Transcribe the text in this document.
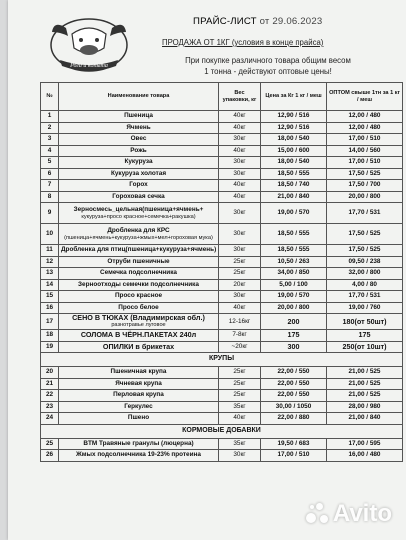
Рога и копыта
ПРАЙС-ЛИСТ от 29.06.2023
ПРОДАЖА ОТ 1КГ (условия в конце прайса)
При покупке различного товара общим весом
1 тонна - действуют оптовые цены!
№	Наименование товара	Вес упаковки, кг	Цена за Кг 1 кг / меш	ОПТОМ свыше 1тн за 1 кг / меш
1	Пшеница	40кг	12,90 / 516	12,00 / 480
2	Ячмень	40кг	12,90 / 516	12,00 / 480
3	Овес	30кг	18,00 / 540	17,00 / 510
4	Рожь	40кг	15,00 / 600	14,00 / 560
5	Кукуруза	30кг	18,00 / 540	17,00 / 510
6	Кукуруза холотая	30кг	18,50 / 555	17,50 / 525
7	Горох	40кг	18,50 / 740	17,50 / 700
8	Гороховая сечка	40кг	21,00 / 840	20,00 / 800
9	Зерносмесь_цельная(пшеница+ячмень+
кукуруза+просо красное+семечка+ракушка)	30кг	19,00 / 570	17,70 / 531
10	Дробленка для КРС
(пшеница+ячмень+кукуруза+жмых+мел+гороховая мука)	30кг	18,50 / 555	17,50 / 525
11	Дробленка для птиц(пшеница+кукуруза+ячмень)	30кг	18,50 / 555	17,50 / 525
12	Отруби пшеничные	25кг	10,50 / 263	09,50 / 238
13	Семечка подсолнечника	25кг	34,00 / 850	32,00 / 800
14	Зерноотходы семечки подсолнечника	20кг	5,00 / 100	4,00 / 80
15	Просо красное	30кг	19,00 / 570	17,70 / 531
16	Просо белое	40кг	20,00 / 800	19,00 / 760
17	СЕНО В ТЮКАХ (Владимирская обл.)
разнотравье луговое	12-16кг	200	180(от 50шт)
18	СОЛОМА В ЧЁРН.ПАКЕТАХ 240л	7-8кг	175	175
19	ОПИЛКИ в брикетах	~20кг	300	250(от 10шт)
КРУПЫ				
20	Пшеничная крупа	25кг	22,00 / 550	21,00 / 525
21	Ячневая крупа	25кг	22,00 / 550	21,00 / 525
22	Перловая крупа	25кг	22,00 / 550	21,00 / 525
23	Геркулес	35кг	30,00 / 1050	28,00 / 980
24	Пшено	40кг	22,00 / 880	21,00 / 840
КОРМОВЫЕ ДОБАВКИ				
25	BTM Травяные гранулы (люцерна)	35кг	19,50 / 683	17,00 / 595
26	Жмых подсолнечника 19-23% протеина	30кг	17,00 / 510	16,00 / 480
Avito
